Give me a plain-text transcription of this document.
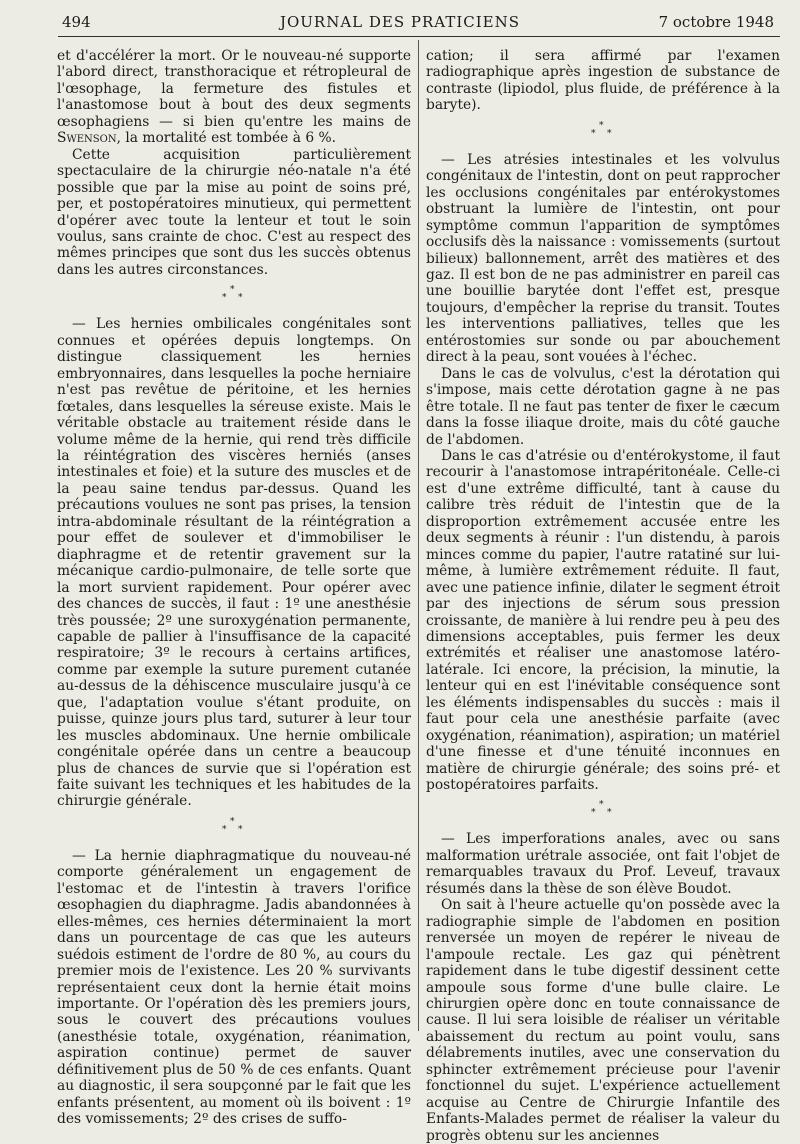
494	JOURNAL DES PRATICIENS	7 octobre 1948

et d'accélérer la mort. Or le nouveau-né supporte l'abord direct, transthoracique et rétropleural de l'œsophage, la fermeture des fistules et l'anastomose bout à bout des deux segments œsophagiens — si bien qu'entre les mains de Swenson, la mortalité est tombée à 6 %.

Cette acquisition particulièrement spectaculaire de la chirurgie néo-natale n'a été possible que par la mise au point de soins pré, per, et postopératoires minutieux, qui permettent d'opérer avec toute la lenteur et tout le soin voulus, sans crainte de choc. C'est au respect des mêmes principes que sont dus les succès obtenus dans les autres circonstances.

*
* *

— Les hernies ombilicales congénitales sont connues et opérées depuis longtemps. On distingue classiquement les hernies embryonnaires, dans lesquelles la poche herniaire n'est pas revêtue de péritoine, et les hernies fœtales, dans lesquelles la séreuse existe. Mais le véritable obstacle au traitement réside dans le volume même de la hernie, qui rend très difficile la réintégration des viscères herniés (anses intestinales et foie) et la suture des muscles et de la peau saine tendus par-dessus. Quand les précautions voulues ne sont pas prises, la tension intra-abdominale résultant de la réintégration a pour effet de soulever et d'immobiliser le diaphragme et de retentir gravement sur la mécanique cardio-pulmonaire, de telle sorte que la mort survient rapidement. Pour opérer avec des chances de succès, il faut : 1º une anesthésie très poussée; 2º une suroxygénation permanente, capable de pallier à l'insuffisance de la capacité respiratoire; 3º le recours à certains artifices, comme par exemple la suture purement cutanée au-dessus de la déhiscence musculaire jusqu'à ce que, l'adaptation voulue s'étant produite, on puisse, quinze jours plus tard, suturer à leur tour les muscles abdominaux. Une hernie ombilicale congénitale opérée dans un centre a beaucoup plus de chances de survie que si l'opération est faite suivant les techniques et les habitudes de la chirurgie générale.

*
* *

— La hernie diaphragmatique du nouveau-né comporte généralement un engagement de l'estomac et de l'intestin à travers l'orifice œsophagien du diaphragme. Jadis abandonnées à elles-mêmes, ces hernies déterminaient la mort dans un pourcentage de cas que les auteurs suédois estiment de l'ordre de 80 %, au cours du premier mois de l'existence. Les 20 % survivants représentaient ceux dont la hernie était moins importante. Or l'opération dès les premiers jours, sous le couvert des précautions voulues (anesthésie totale, oxygénation, réanimation, aspiration continue) permet de sauver définitivement plus de 50 % de ces enfants. Quant au diagnostic, il sera soupçonné par le fait que les enfants présentent, au moment où ils boivent : 1º des vomissements; 2º des crises de suffo-

cation; il sera affirmé par l'examen radiographique après ingestion de substance de contraste (lipiodol, plus fluide, de préférence à la baryte).

*
* *

— Les atrésies intestinales et les volvulus congénitaux de l'intestin, dont on peut rapprocher les occlusions congénitales par entérokystomes obstruant la lumière de l'intestin, ont pour symptôme commun l'apparition de symptômes occlusifs dès la naissance : vomissements (surtout bilieux) ballonnement, arrêt des matières et des gaz. Il est bon de ne pas administrer en pareil cas une bouillie barytée dont l'effet est, presque toujours, d'empêcher la reprise du transit. Toutes les interventions palliatives, telles que les entérostomies sur sonde ou par abouchement direct à la peau, sont vouées à l'échec.

Dans le cas de volvulus, c'est la dérotation qui s'impose, mais cette dérotation gagne à ne pas être totale. Il ne faut pas tenter de fixer le cæcum dans la fosse iliaque droite, mais du côté gauche de l'abdomen.

Dans le cas d'atrésie ou d'entérokystome, il faut recourir à l'anastomose intrapéritonéale. Celle-ci est d'une extrême difficulté, tant à cause du calibre très réduit de l'intestin que de la disproportion extrêmement accusée entre les deux segments à réunir : l'un distendu, à parois minces comme du papier, l'autre ratatiné sur lui-même, à lumière extrêmement réduite. Il faut, avec une patience infinie, dilater le segment étroit par des injections de sérum sous pression croissante, de manière à lui rendre peu à peu des dimensions acceptables, puis fermer les deux extrémités et réaliser une anastomose latéro-latérale. Ici encore, la précision, la minutie, la lenteur qui en est l'inévitable conséquence sont les éléments indispensables du succès : mais il faut pour cela une anesthésie parfaite (avec oxygénation, réanimation), aspiration; un matériel d'une finesse et d'une ténuité inconnues en matière de chirurgie générale; des soins pré- et postopératoires parfaits.

*
* *

— Les imperforations anales, avec ou sans malformation urétrale associée, ont fait l'objet de remarquables travaux du Prof. Leveuf, travaux résumés dans la thèse de son élève Boudot.

On sait à l'heure actuelle qu'on possède avec la radiographie simple de l'abdomen en position renversée un moyen de repérer le niveau de l'ampoule rectale. Les gaz qui pénètrent rapidement dans le tube digestif dessinent cette ampoule sous forme d'une bulle claire. Le chirurgien opère donc en toute connaissance de cause. Il lui sera loisible de réaliser un véritable abaissement du rectum au point voulu, sans délabrements inutiles, avec une conservation du sphincter extrêmement précieuse pour l'avenir fonctionnel du sujet. L'expérience actuellement acquise au Centre de Chirurgie Infantile des Enfants-Malades permet de réaliser la valeur du progrès obtenu sur les anciennes
